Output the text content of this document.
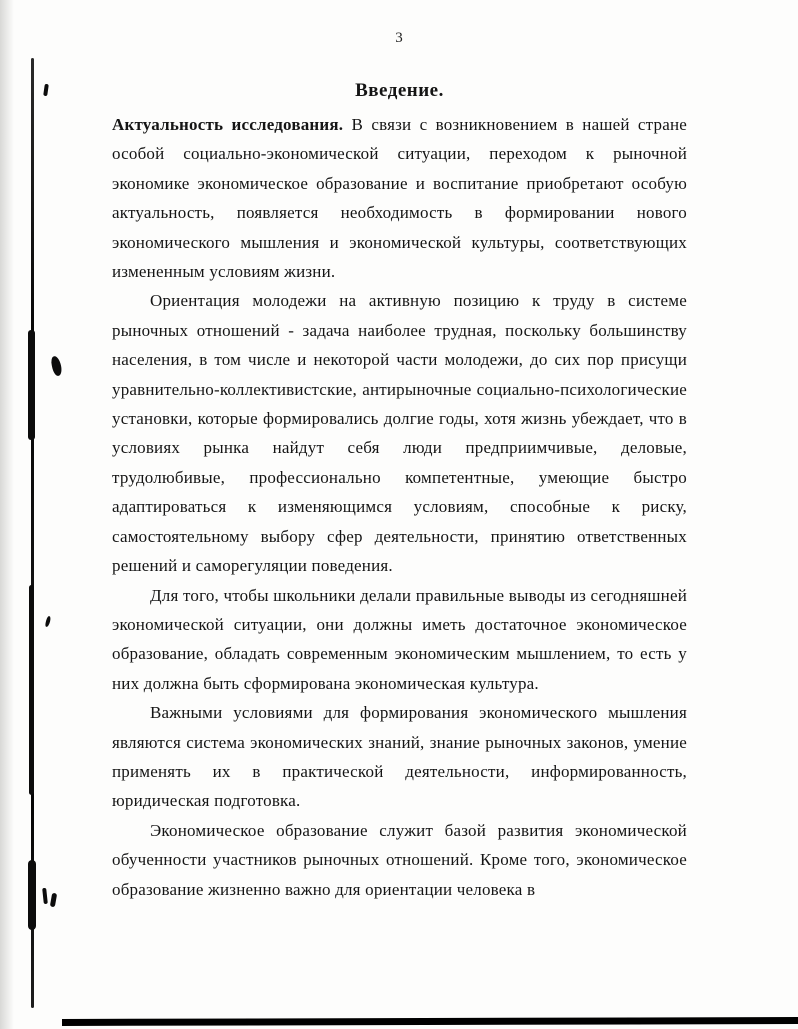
3
Введение.

Актуальность исследования. В связи с возникновением в нашей стране особой социально-экономической ситуации, переходом к рыночной экономике экономическое образование и воспитание приобретают особую актуальность, появляется необходимость в формировании нового экономического мышления и экономической культуры, соответствующих измененным условиям жизни.

Ориентация молодежи на активную позицию к труду в системе рыночных отношений - задача наиболее трудная, поскольку большинству населения, в том числе и некоторой части молодежи, до сих пор присущи уравнительно-коллективистские, антирыночные социально-психологические установки, которые формировались долгие годы, хотя жизнь убеждает, что в условиях рынка найдут себя люди предприимчивые, деловые, трудолюбивые, профессионально компетентные, умеющие быстро адаптироваться к изменяющимся условиям, способные к риску, самостоятельному выбору сфер деятельности, принятию ответственных решений и саморегуляции поведения.

Для того, чтобы школьники делали правильные выводы из сегодняшней экономической ситуации, они должны иметь достаточное экономическое образование, обладать современным экономическим мышлением, то есть у них должна быть сформирована экономическая культура.

Важными условиями для формирования экономического мышления являются система экономических знаний, знание рыночных законов, умение применять их в практической деятельности, информированность, юридическая подготовка.

Экономическое образование служит базой развития экономической обученности участников рыночных отношений. Кроме того, экономическое образование жизненно важно для ориентации человека в
